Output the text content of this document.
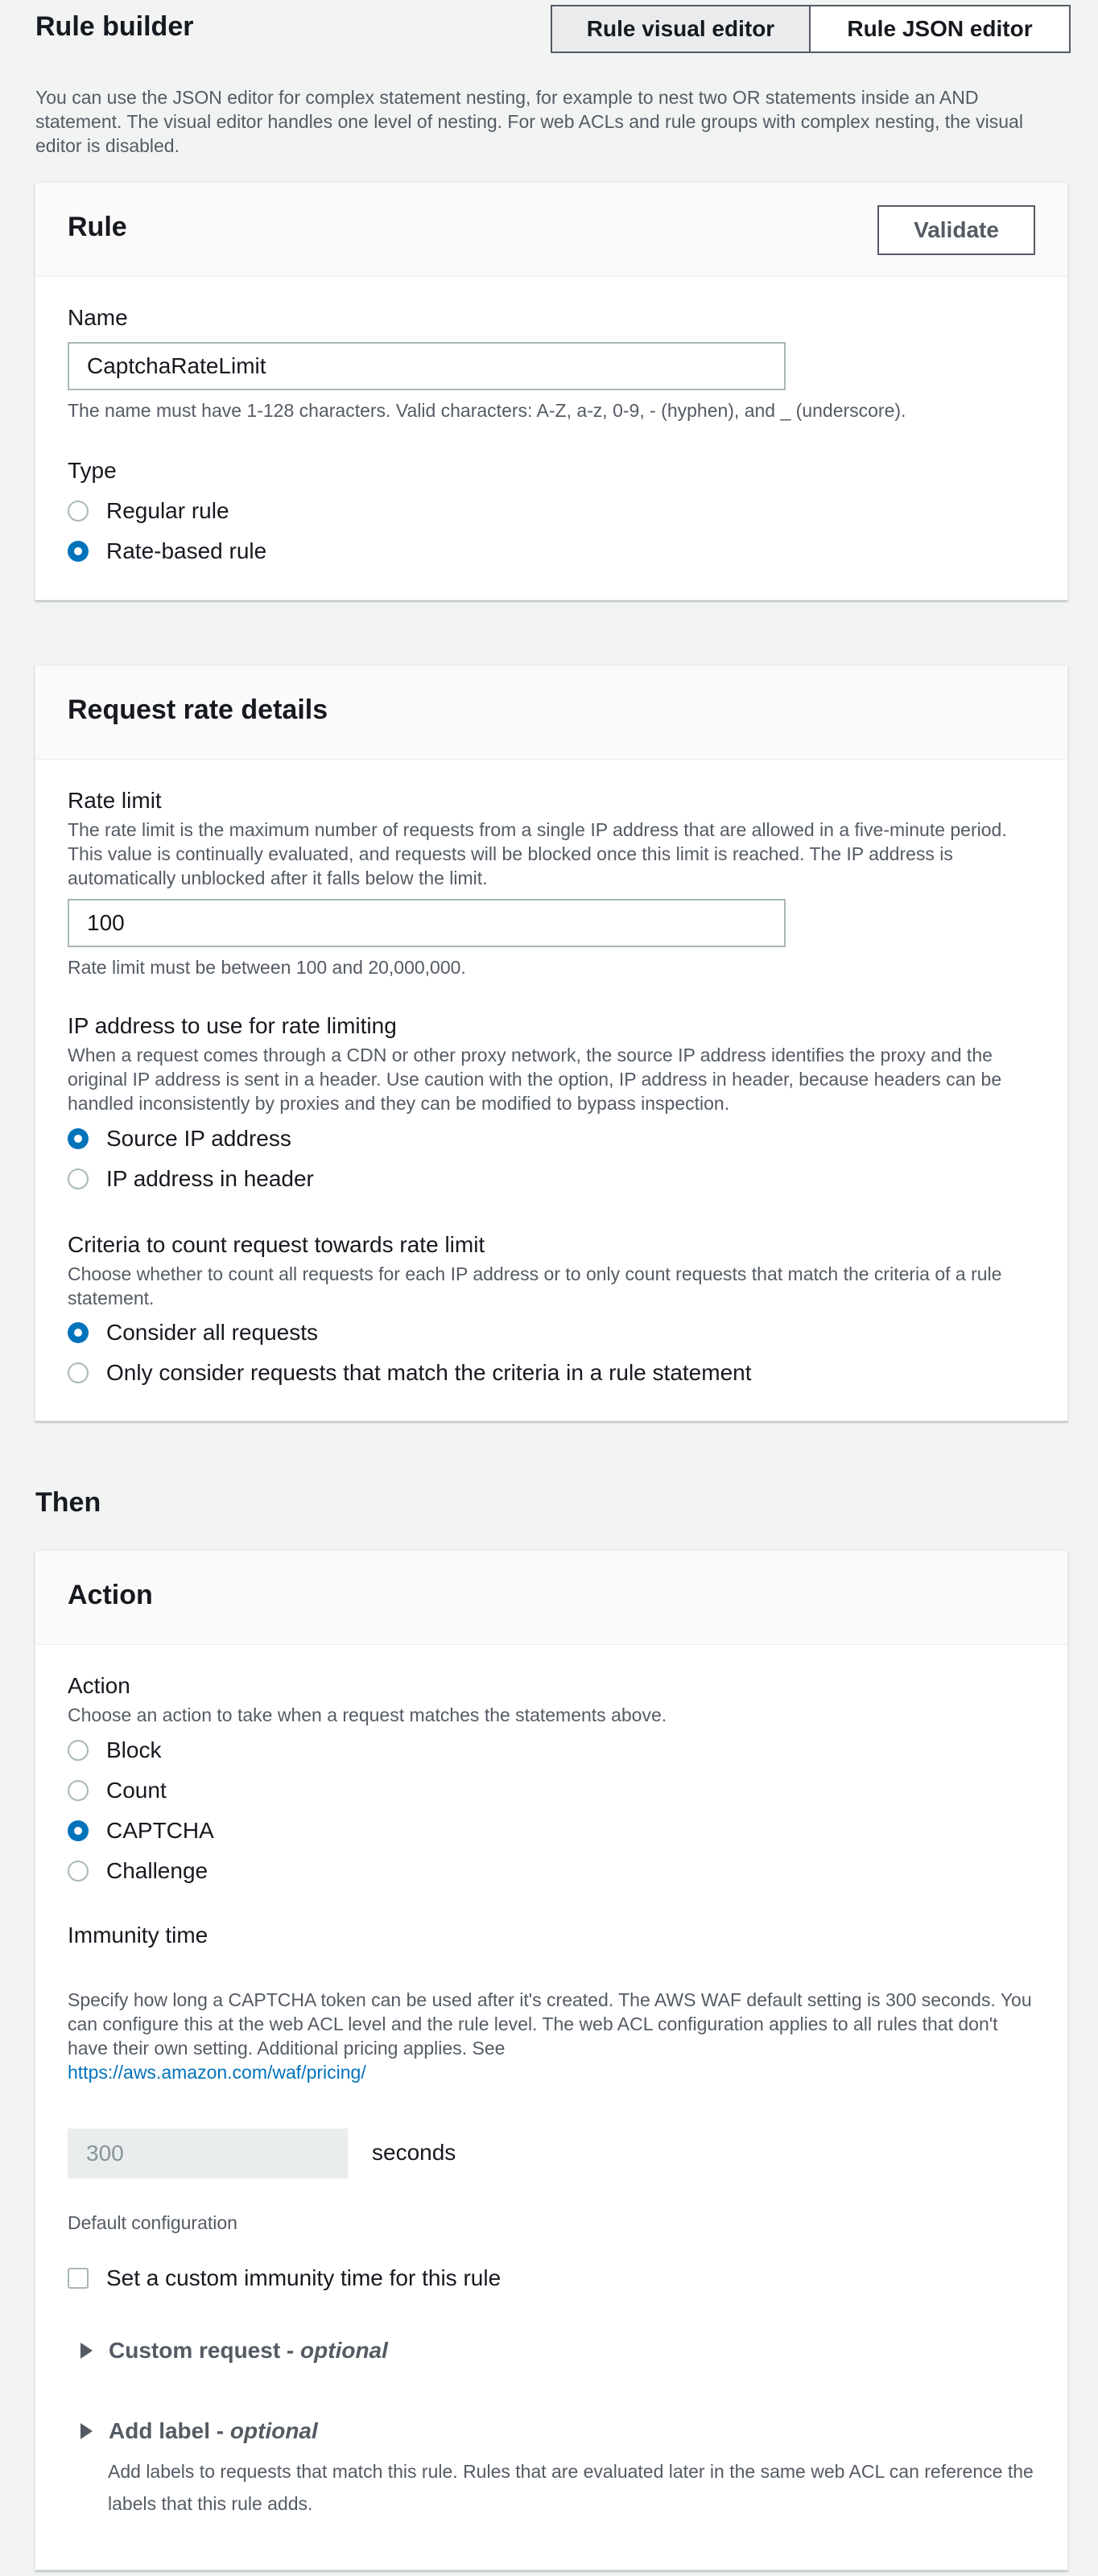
Rule builder	Rule visual editor	Rule JSON editor
You can use the JSON editor for complex statement nesting, for example to nest two OR statements inside an AND statement. The visual editor handles one level of nesting. For web ACLs and rule groups with complex nesting, the visual editor is disabled.
Rule	Validate
Name
CaptchaRateLimit
The name must have 1-128 characters. Valid characters: A-Z, a-z, 0-9, - (hyphen), and _ (underscore).
Type
Regular rule
Rate-based rule
Request rate details
Rate limit
The rate limit is the maximum number of requests from a single IP address that are allowed in a five-minute period. This value is continually evaluated, and requests will be blocked once this limit is reached. The IP address is automatically unblocked after it falls below the limit.
100
Rate limit must be between 100 and 20,000,000.
IP address to use for rate limiting
When a request comes through a CDN or other proxy network, the source IP address identifies the proxy and the original IP address is sent in a header. Use caution with the option, IP address in header, because headers can be handled inconsistently by proxies and they can be modified to bypass inspection.
Source IP address
IP address in header
Criteria to count request towards rate limit
Choose whether to count all requests for each IP address or to only count requests that match the criteria of a rule statement.
Consider all requests
Only consider requests that match the criteria in a rule statement
Then
Action
Action
Choose an action to take when a request matches the statements above.
Block
Count
CAPTCHA
Challenge
Immunity time
Specify how long a CAPTCHA token can be used after it's created. The AWS WAF default setting is 300 seconds. You can configure this at the web ACL level and the rule level. The web ACL configuration applies to all rules that don't have their own setting. Additional pricing applies. See
https://aws.amazon.com/waf/pricing/
300	seconds
Default configuration
Set a custom immunity time for this rule
Custom request - optional
Add label - optional
Add labels to requests that match this rule. Rules that are evaluated later in the same web ACL can reference the labels that this rule adds.
